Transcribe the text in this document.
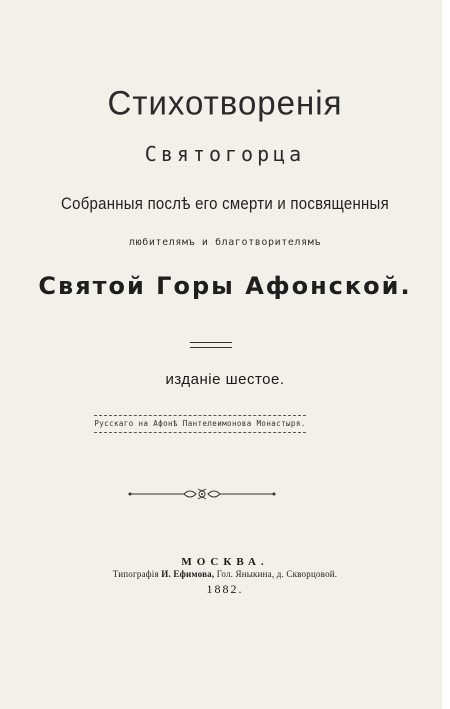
Стихотворенія
Святогорца
Собранныя послѣ его смерти и посвященныя
любителямъ и благотворителямъ
Святой Горы Афонской.
изданіе шестое.
Русскаго на Афонѣ Пантелеимонова Монастыря.
МОСКВА.
Типографія И. Ефимова, Гол. Яныкина, д. Скворцовой.
1882.
